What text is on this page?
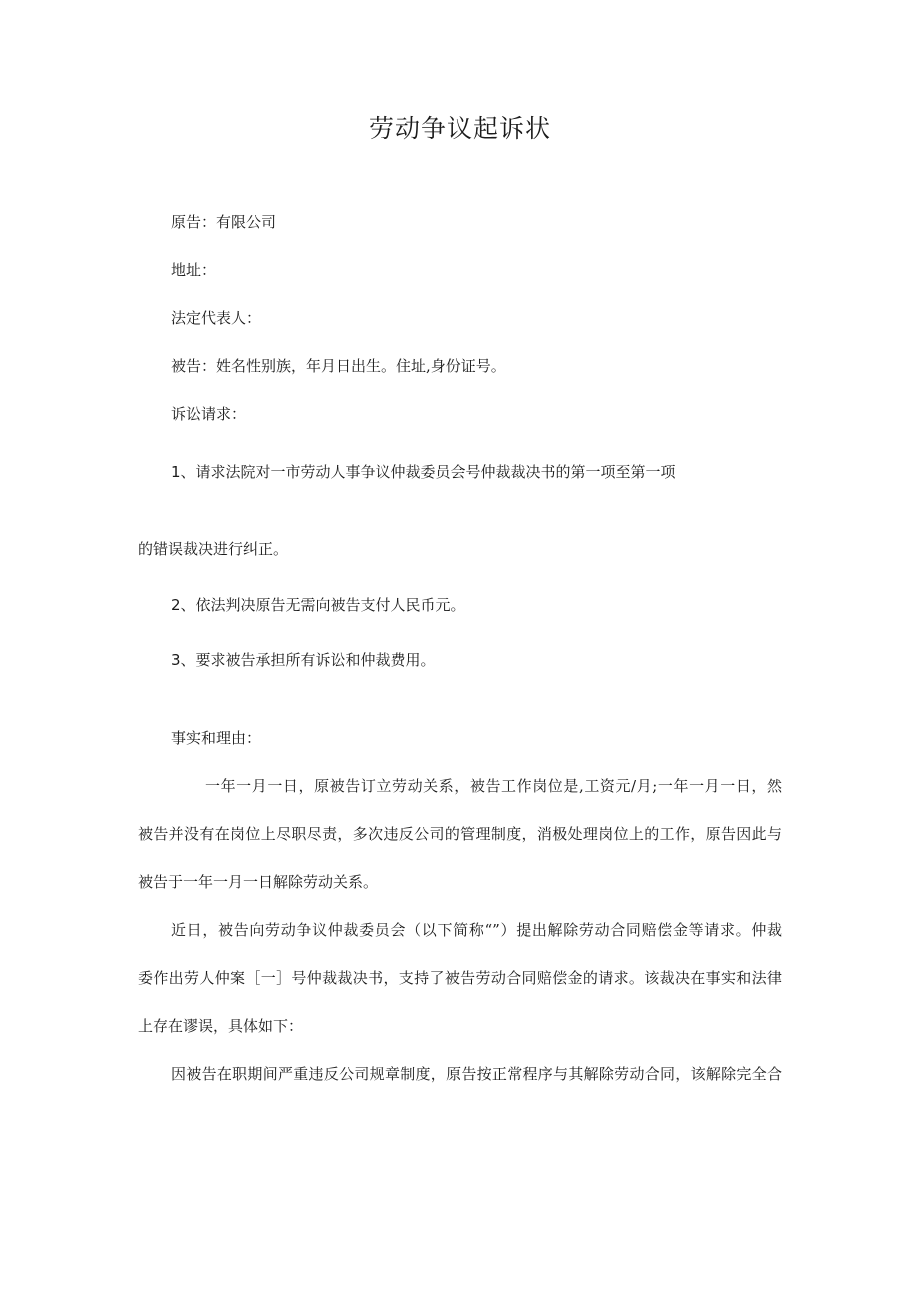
劳动争议起诉状
原告：有限公司
地址：
法定代表人：
被告：姓名性别族，年月日出生。住址,身份证号。
诉讼请求：
1、请求法院对一市劳动人事争议仲裁委员会号仲裁裁决书的第一项至第一项
的错误裁决进行纠正。
2、依法判决原告无需向被告支付人民币元。
3、要求被告承担所有诉讼和仲裁费用。
事实和理由：
一年一月一日，原被告订立劳动关系，被告工作岗位是,工资元/月;一年一月一日，然
被告并没有在岗位上尽职尽责，多次违反公司的管理制度，消极处理岗位上的工作，原告因此与
被告于一年一月一日解除劳动关系。
近日，被告向劳动争议仲裁委员会（以下简称“”）提出解除劳动合同赔偿金等请求。仲裁
委作出劳人仲案［一］号仲裁裁决书，支持了被告劳动合同赔偿金的请求。该裁决在事实和法律
上存在谬误，具体如下：
因被告在职期间严重违反公司规章制度，原告按正常程序与其解除劳动合同，该解除完全合
